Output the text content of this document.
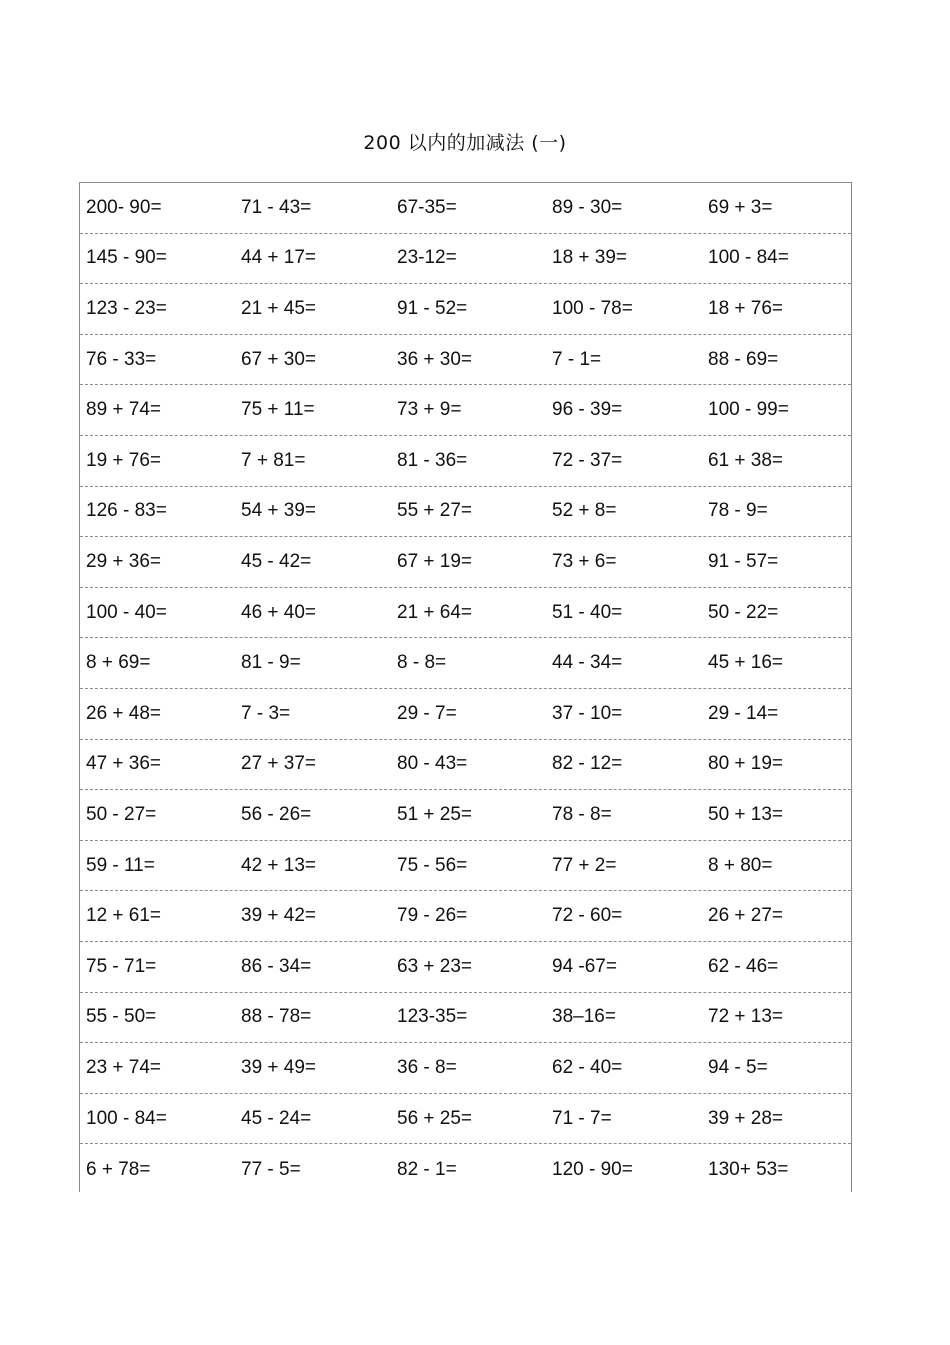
200 以内的加减法 (一)
200- 90=	71 - 43=	67-35=	89 - 30=	69 + 3=
145 - 90=	44 + 17=	23-12=	18 + 39=	100 - 84=
123 - 23=	21 + 45=	91 - 52=	100 - 78=	18 + 76=
76 - 33=	67 + 30=	36 + 30=	7 - 1=	88 - 69=
89 + 74=	75 + 11=	73 + 9=	96 - 39=	100 - 99=
19 + 76=	7 + 81=	81 - 36=	72 - 37=	61 + 38=
126 - 83=	54 + 39=	55 + 27=	52 + 8=	78 - 9=
29 + 36=	45 - 42=	67 + 19=	73 + 6=	91 - 57=
100 - 40=	46 + 40=	21 + 64=	51 - 40=	50 - 22=
8 + 69=	81 - 9=	8 - 8=	44 - 34=	45 + 16=
26 + 48=	7 - 3=	29 - 7=	37 - 10=	29 - 14=
47 + 36=	27 + 37=	80 - 43=	82 - 12=	80 + 19=
50 - 27=	56 - 26=	51 + 25=	78 - 8=	50 + 13=
59 - 11=	42 + 13=	75 - 56=	77 + 2=	8 + 80=
12 + 61=	39 + 42=	79 - 26=	72 - 60=	26 + 27=
75 - 71=	86 - 34=	63 + 23=	94 -67=	62 - 46=
55 - 50=	88 - 78=	123-35=	38–16=	72 + 13=
23 + 74=	39 + 49=	36 - 8=	62 - 40=	94 - 5=
100 - 84=	45 - 24=	56 + 25=	71 - 7=	39 + 28=
6 + 78=	77 - 5=	82 - 1=	120 - 90=	130+ 53=
